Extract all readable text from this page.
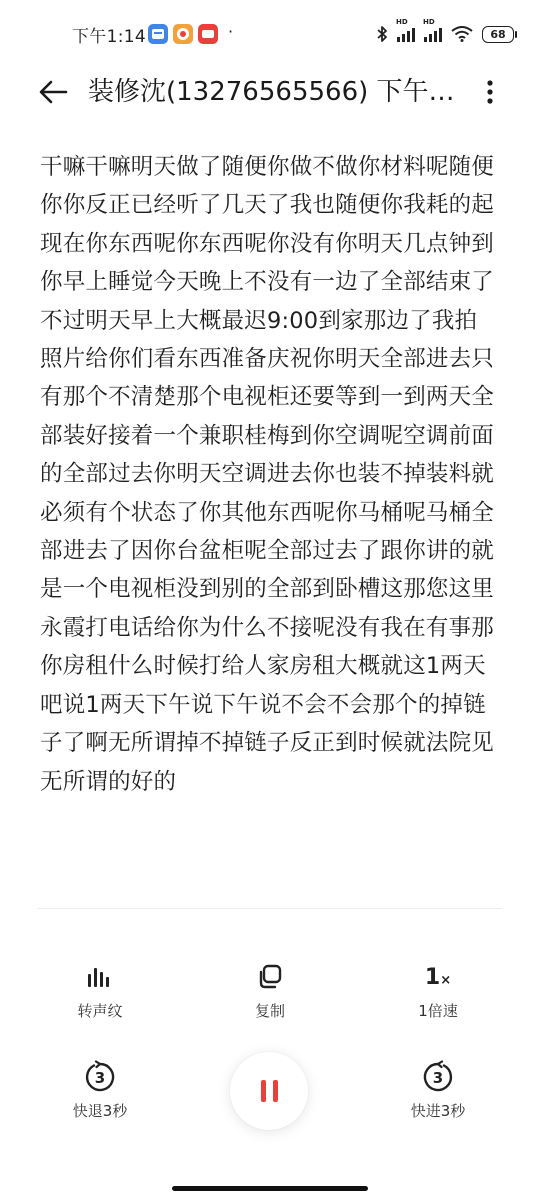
下午1:14	·	HD HD
68
装修沈(13276565566) 下午…
干嘛干嘛明天做了随便你做不做你材料呢随便你你反正已经听了几天了我也随便你我耗的起现在你东西呢你东西呢你没有你明天几点钟到你早上睡觉今天晚上不没有一边了全部结束了不过明天早上大概最迟9:00到家那边了我拍照片给你们看东西准备庆祝你明天全部进去只有那个不清楚那个电视柜还要等到一到两天全部装好接着一个兼职桂梅到你空调呢空调前面的全部过去你明天空调进去你也装不掉装料就必须有个状态了你其他东西呢你马桶呢马桶全部进去了因你台盆柜呢全部过去了跟你讲的就是一个电视柜没到别的全部到卧槽这那您这里永霞打电话给你为什么不接呢没有我在有事那你房租什么时候打给人家房租大概就这1两天吧说1两天下午说下午说不会不会那个的掉链子了啊无所谓掉不掉链子反正到时候就法院见无所谓的好的
转声纹	复制
1×
1倍速
3
快退3秒
3
快进3秒
